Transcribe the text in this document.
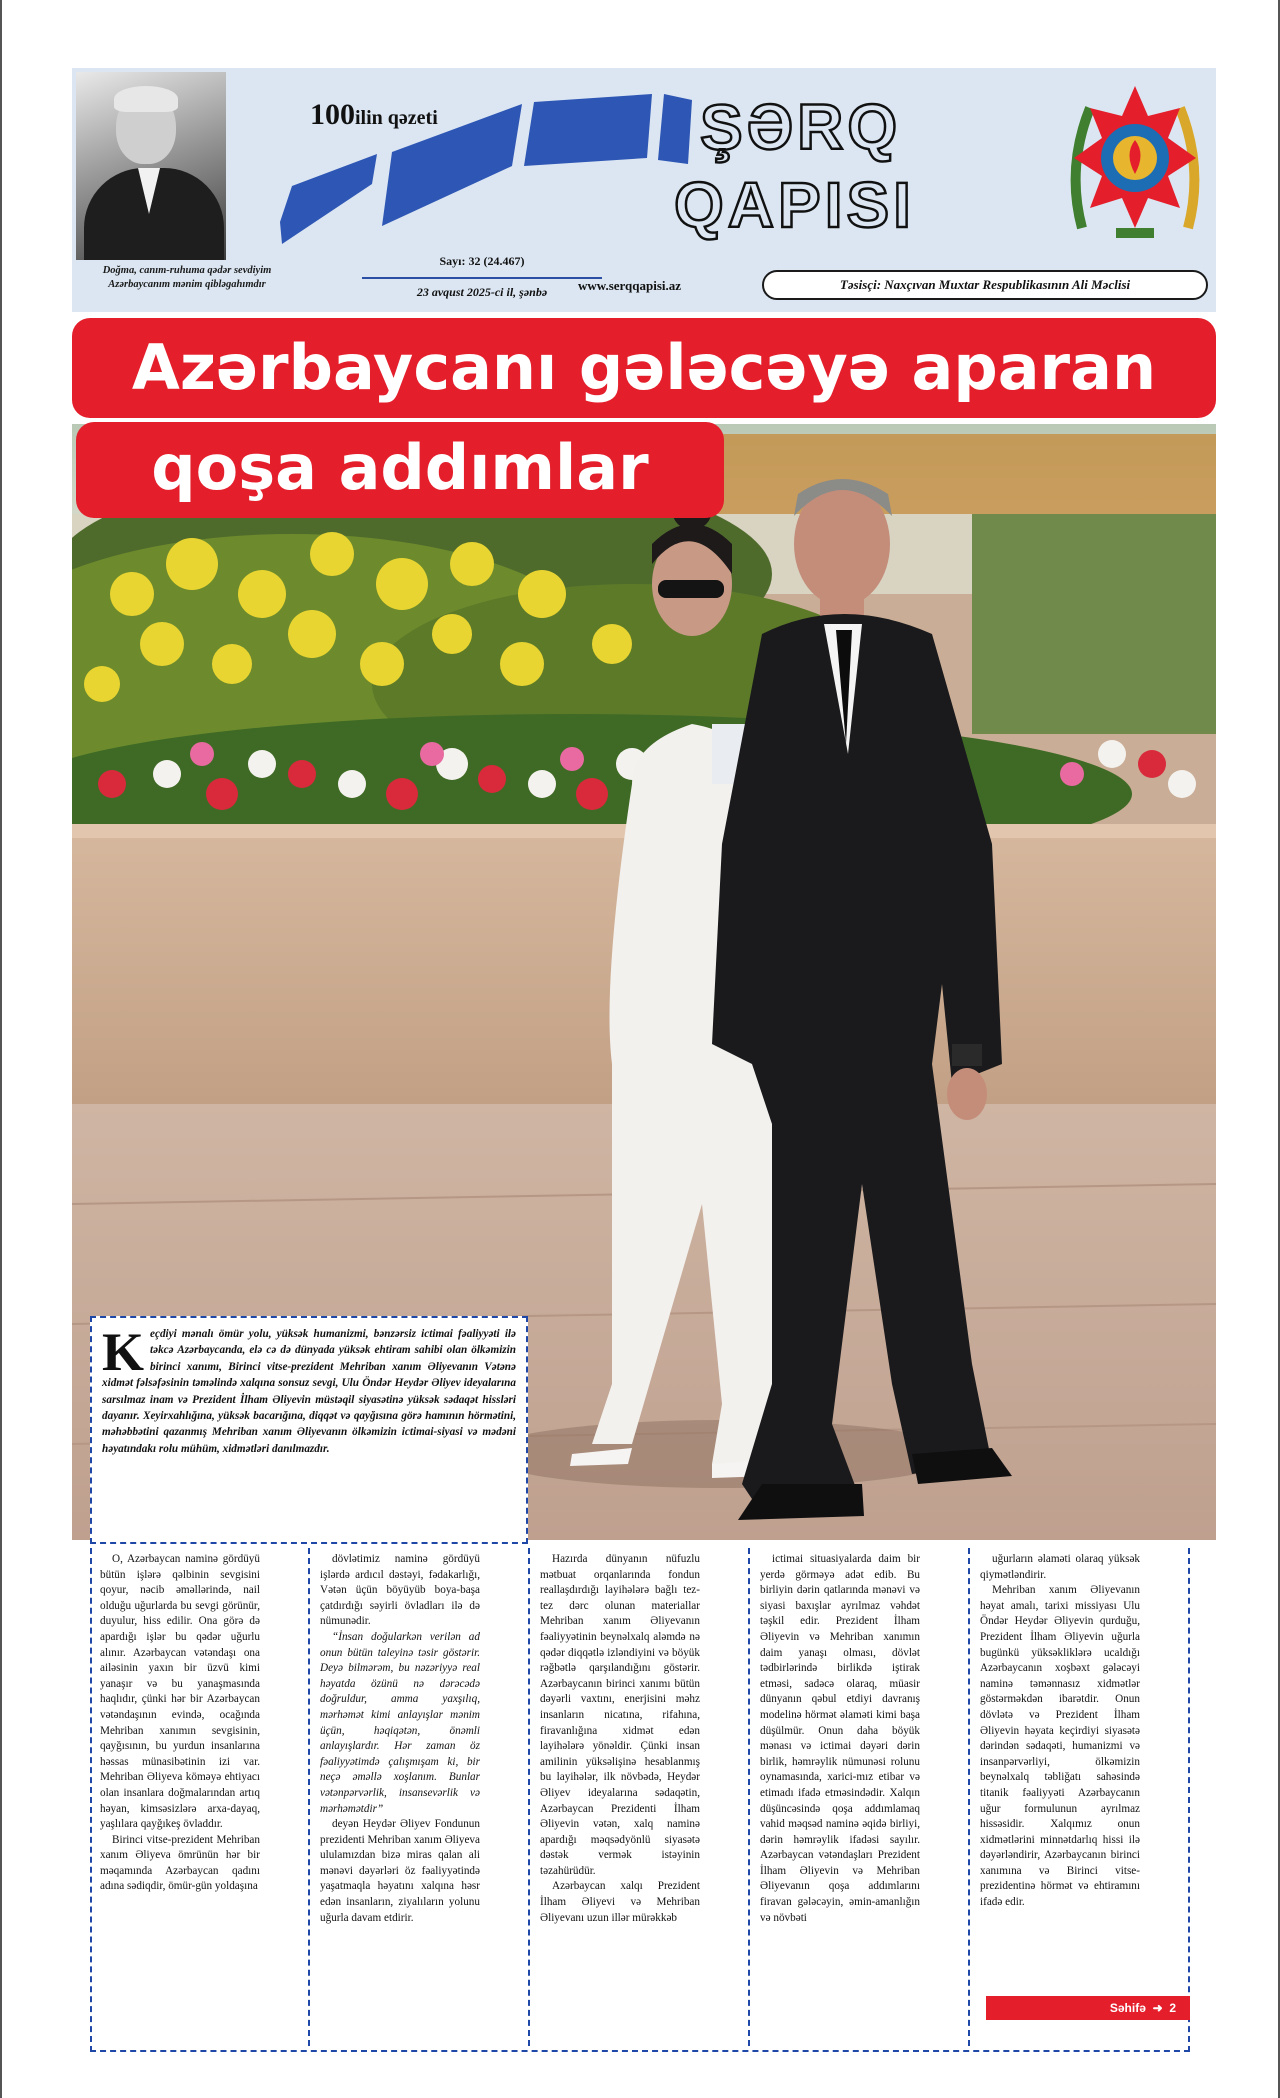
Doğma, canım-ruhuma qədər sevdiyim Azərbaycanım mənim qibləgahımdır
100ilin qəzeti
Sayı: 32 (24.467)
23 avqust 2025-ci il, şənbə	www.serqqapisi.az
ŞƏRQ
QAPISI
Təsisçi: Naxçıvan Muxtar Respublikasının Ali Məclisi
Azərbaycanı gələcəyə aparan
qoşa addımlar
Keçdiyi mənalı ömür yolu, yüksək humanizmi, bənzərsiz ictimai fəaliyyəti ilə təkcə Azərbaycanda, elə cə də dünyada yüksək ehtiram sahibi olan ölkəmizin birinci xanımı, Birinci vitse-prezident Mehriban xanım Əliyevanın Vətənə xidmət fəlsəfəsinin təməlində xalqına sonsuz sevgi, Ulu Öndər Heydər Əliyev ideyalarına sarsılmaz inam və Prezident İlham Əliyevin müstəqil siyasətinə yüksək sədaqət hissləri dayanır. Xeyirxahlığına, yüksək bacarığına, diqqət və qayğısına görə hamının hörmətini, məhəbbətini qazanmış Mehriban xanım Əliyevanın ölkəmizin ictimai-siyasi və mədəni həyatındakı rolu mühüm, xidmətləri danılmazdır.

O, Azərbaycan naminə gördüyü bütün işlərə qəlbinin sevgisini qoyur, nəcib əməllərində, nail olduğu uğurlarda bu sevgi görünür, duyulur, hiss edilir. Ona görə də apardığı işlər bu qədər uğurlu alınır. Azərbaycan vətəndaşı ona ailəsinin yaxın bir üzvü kimi yanaşır və bu yanaşmasında haqlıdır, çünki hər bir Azərbaycan vətəndaşının evində, ocağında Mehriban xanımın sevgisinin, qayğısının, bu yurdun insanlarına həssas münasibətinin izi var. Mehriban Əliyeva köməyə ehtiyacı olan insanlara doğmalarından artıq həyan, kimsəsizlərə arxa-dayaq, yaşlılara qayğıkeş övladdır.

Birinci vitse-prezident Mehriban xanım Əliyeva ömrünün hər bir məqamında Azərbaycan qadını adına sədiqdir, ömür-gün yoldaşına

dövlətimiz naminə gördüyü işlərdə ardıcıl dəstəyi, fədakarlığı, Vətən üçün böyüyüb boya-başa çatdırdığı səyirli övladları ilə də nümunədir.

“İnsan doğularkən verilən ad onun bütün taleyinə təsir göstərir. Deyə bilmərəm, bu nəzəriyyə real həyatda özünü nə dərəcədə doğruldur, amma yaxşılıq, mərhəmət kimi anlayışlar mənim üçün, həqiqətən, önəmli anlayışlardır. Hər zaman öz fəaliyyətimdə çalışmışam ki, bir neçə əməllə xoşlanım. Bunlar vətənpərvərlik, insansevərlik və mərhəmətdir”

deyən Heydər Əliyev Fondunun prezidenti Mehriban xanım Əliyeva ululamızdan bizə miras qalan ali mənəvi dəyərləri öz fəaliyyətində yaşatmaqla həyatını xalqına həsr edən insanların, ziyalıların yolunu uğurla davam etdirir.

Hazırda dünyanın nüfuzlu mətbuat orqanlarında fondun reallaşdırdığı layihələrə bağlı tez-tez dərc olunan materiallar Mehriban xanım Əliyevanın fəaliyyətinin beynəlxalq aləmdə nə qədər diqqətlə izləndiyini və böyük rəğbətlə qarşılandığını göstərir. Azərbaycanın birinci xanımı bütün dəyərli vaxtını, enerjisini məhz insanların nicatına, rifahına, firavanlığına xidmət edən layihələrə yönəldir. Çünki insan amilinin yüksəlişinə hesablanmış bu layihələr, ilk növbədə, Heydər Əliyev ideyalarına sədaqətin, Azərbaycan Prezidenti İlham Əliyevin vətən, xalq naminə apardığı məqsədyönlü siyasətə dəstək vermək istəyinin təzahürüdür.

Azərbaycan xalqı Prezident İlham Əliyevi və Mehriban Əliyevanı uzun illər mürəkkəb

ictimai situasiyalarda daim bir yerdə görməyə adət edib. Bu birliyin dərin qatlarında mənəvi və siyasi baxışlar ayrılmaz vəhdət təşkil edir. Prezident İlham Əliyevin və Mehriban xanımın daim yanaşı olması, dövlət tədbirlərində birlikdə iştirak etməsi, sadəcə olaraq, müasir dünyanın qəbul etdiyi davranış modelinə hörmət əlaməti kimi başa düşülmür. Onun daha böyük mənası və ictimai dəyəri dərin birlik, həmrəylik nümunəsi rolunu oynamasında, xarici-mız etibar və etimadı ifadə etməsindədir. Xalqın düşüncəsində qoşa addımlamaq vahid məqsəd naminə əqidə birliyi, dərin həmrəylik ifadəsi sayılır. Azərbaycan vətəndaşları Prezident İlham Əliyevin və Mehriban Əliyevanın qoşa addımlarını firavan gələcəyin, əmin-amanlığın və növbəti

uğurların əlaməti olaraq yüksək qiymətləndirir.

Mehriban xanım Əliyevanın həyat amalı, tarixi missiyası Ulu Öndər Heydər Əliyevin qurduğu, Prezident İlham Əliyevin uğurla bugünkü yüksəkliklərə ucaldığı Azərbaycanın xoşbəxt gələcəyi naminə təmənnasız xidmətlər göstərməkdən ibarətdir. Onun dövlətə və Prezident İlham Əliyevin həyata keçirdiyi siyasətə dərindən sədaqəti, humanizmi və insanpərvərliyi, ölkəmizin beynəlxalq təbliğatı sahəsində titanik fəaliyyəti Azərbaycanın uğur formulunun ayrılmaz hissəsidir. Xalqımız onun xidmətlərini minnətdarlıq hissi ilə dəyərləndirir, Azərbaycanın birinci xanımına və Birinci vitse-prezidentinə hörmət və ehtiramını ifadə edir.

Səhifə  ➜  2
